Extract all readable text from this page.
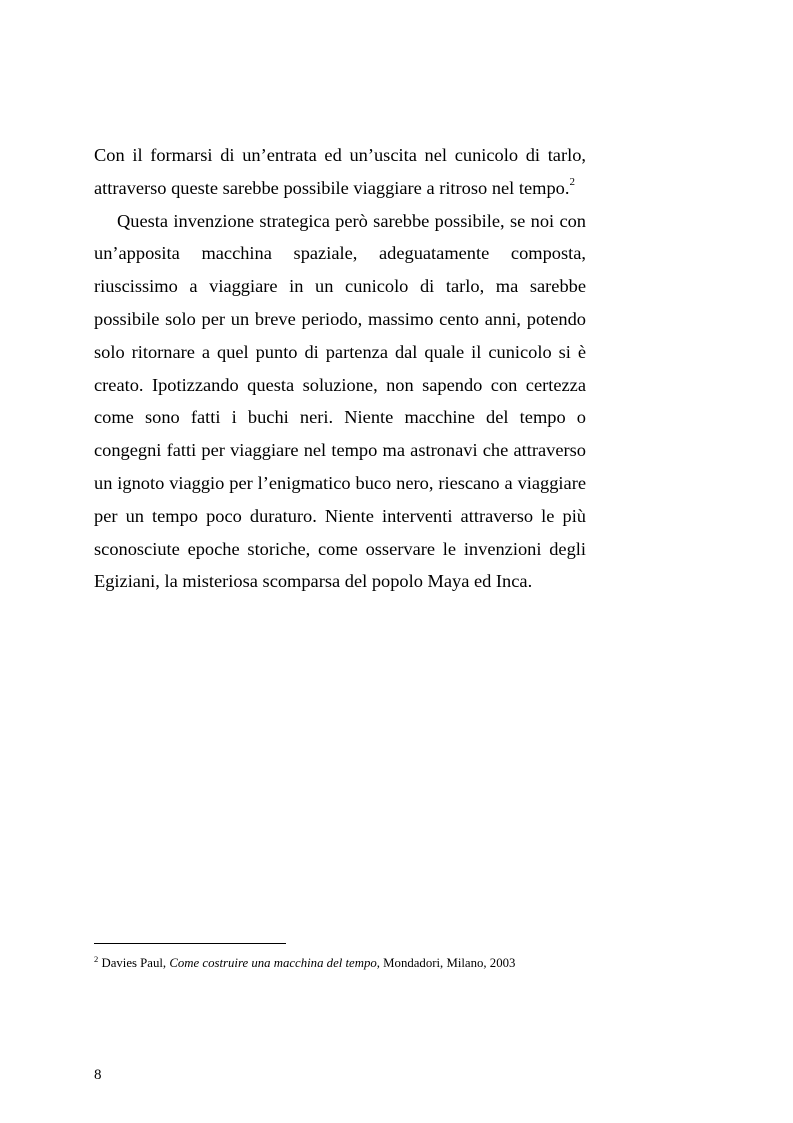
Con il formarsi di un’entrata ed un’uscita nel cunicolo di tarlo,
attraverso queste sarebbe possibile viaggiare a ritroso nel tempo.$^2$
Questa invenzione strategica però sarebbe possibile, se noi con
un’apposita macchina spaziale, adeguatamente composta,
riuscissimo a viaggiare in un cunicolo di tarlo, ma sarebbe
possibile solo per un breve periodo, massimo cento anni, potendo
solo ritornare a quel punto di partenza dal quale il cunicolo si è
creato. Ipotizzando questa soluzione, non sapendo con certezza
come sono fatti i buchi neri. Niente macchine del tempo o
congegni fatti per viaggiare nel tempo ma astronavi che attraverso
un ignoto viaggio per l’enigmatico buco nero, riescano a viaggiare
per un tempo poco duraturo. Niente interventi attraverso le più
sconosciute epoche storiche, come osservare le invenzioni degli
Egiziani, la misteriosa scomparsa del popolo Maya ed Inca.
$^2$ Davies Paul, Come costruire una macchina del tempo, Mondadori, Milano, 2003
8
